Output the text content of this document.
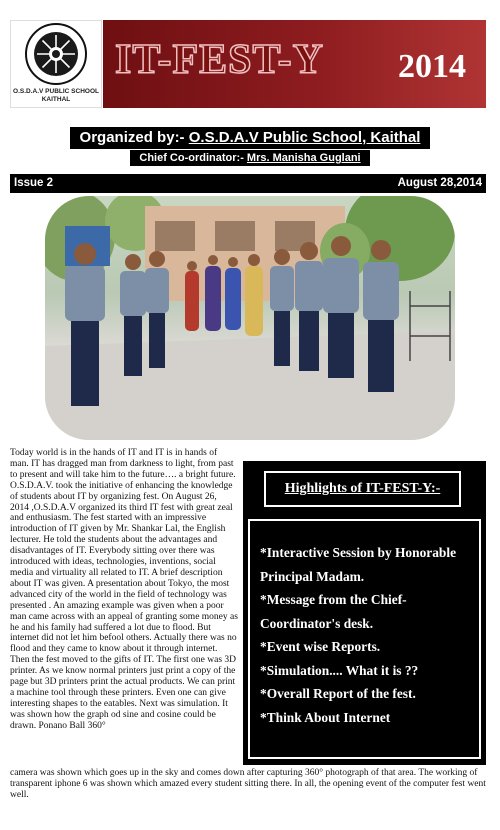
O.S.D.A.V PUBLIC SCHOOL
KAITHAL
IT-FEST-Y 2014
Organized by:- O.S.D.A.V Public School, Kaithal
Chief Co-ordinator:- Mrs. Manisha Guglani
Issue 2	August 28,2014
Today world is in the hands of IT and IT is in hands of man. IT has dragged man from darkness to light, from past to present and will take him to the future…. a bright future. O.S.D.A.V. took the initiative of enhancing the knowledge of students about IT by organizing fest. On August 26, 2014 ,O.S.D.A.V organized its third IT fest with great zeal and enthusiasm. The fest started with an impressive introduction of IT given by Mr. Shankar Lal, the English lecturer. He told the students about the advantages and disadvantages of IT. Everybody sitting over there was introduced with ideas, technologies, inventions, social media and virtuality all related to IT. A brief description about IT was given. A presentation about Tokyo, the most advanced city of the world in the field of technology was presented . An amazing example was given when a poor man came across with an appeal of granting some money as he and his family had suffered a lot due to flood. But internet did not let him befool others. Actually there was no flood and they came to know about it through internet. Then the fest moved to the gifts of IT. The first one was 3D printer. As we know normal printers just print a copy of the page but 3D printers print the actual products. We can print a machine tool through these printers. Even one can give interesting shapes to the eatables. Next was simulation. It was shown how the graph od sine and cosine could be drawn. Ponano Ball 360°
camera was shown which goes up in the sky and comes down after capturing 360° photograph of that area. The working of transparent iphone 6 was shown which amazed every student sitting there. In all, the opening event of the computer fest went well.
Highlights of IT-FEST-Y:-
*Interactive Session by Honorable Principal Madam.
*Message from the Chief-Coordinator's desk.
*Event wise Reports.
*Simulation.... What it is ??
*Overall Report of the fest.
*Think About Internet
